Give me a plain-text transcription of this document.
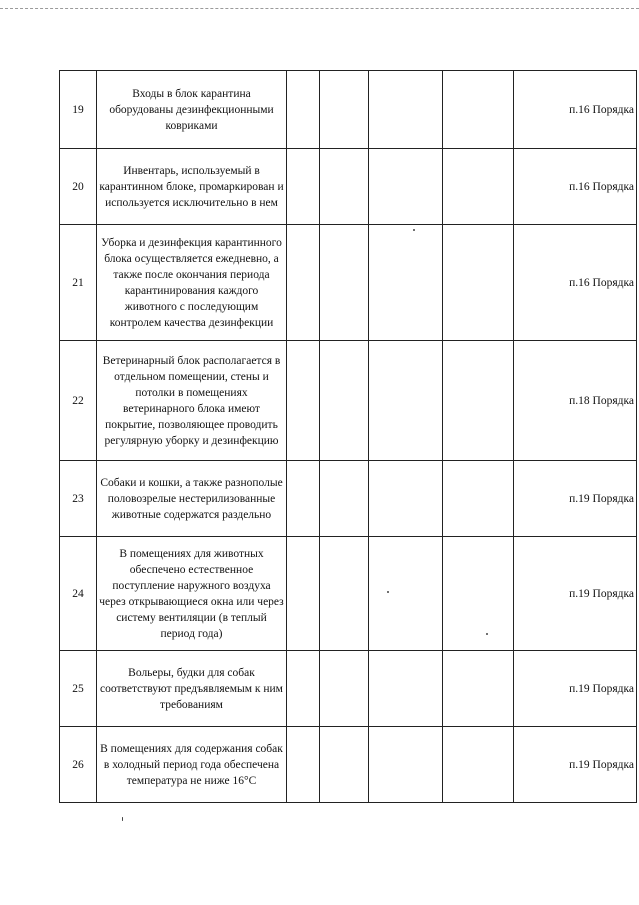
19	Входы в блок карантина оборудованы дезинфекционными ковриками					п.16 Порядка
20	Инвентарь, используемый в карантинном блоке, промаркирован и используется исключительно в нем					п.16 Порядка
21	Уборка и дезинфекция карантинного блока осуществляется ежедневно, а также после окончания периода карантинирования каждого животного с последующим контролем качества дезинфекции					п.16 Порядка
22	Ветеринарный блок располагается в отдельном помещении, стены и потолки в помещениях ветеринарного блока имеют покрытие, позволяющее проводить регулярную уборку и дезинфекцию					п.18 Порядка
23	Собаки и кошки, а также разнополые половозрелые нестерилизованные животные содержатся раздельно					п.19 Порядка
24	В помещениях для животных обеспечено естественное поступление наружного воздуха через открывающиеся окна или через систему вентиляции (в теплый период года)					п.19 Порядка
25	Вольеры, будки для собак соответствуют предъявляемым к ним требованиям					п.19 Порядка
26	В помещениях для содержания собак в холодный период года обеспечена температура не ниже 16°С					п.19 Порядка
